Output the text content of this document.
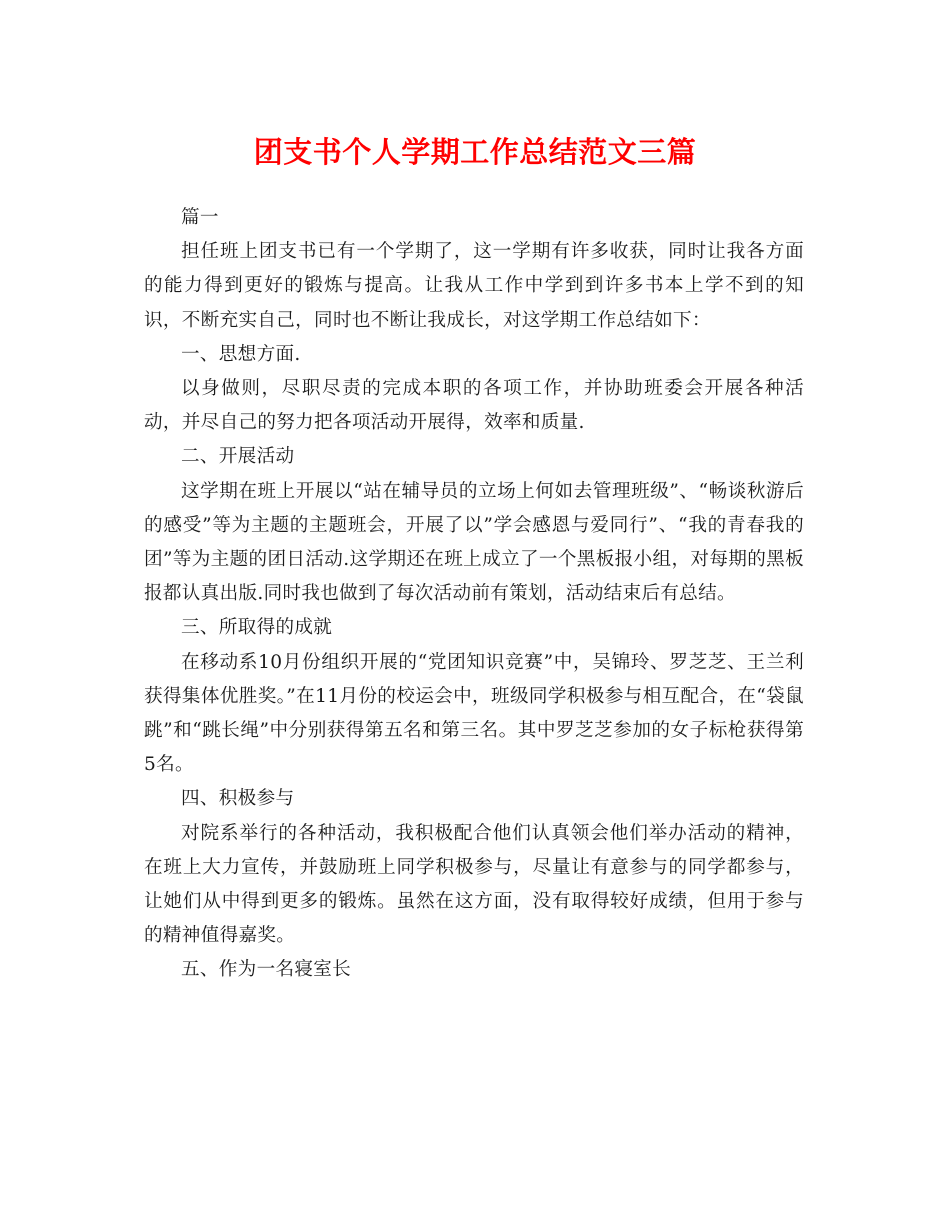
团支书个人学期工作总结范文三篇

篇一

担任班上团支书已有一个学期了，这一学期有许多收获，同时让我各方面的能力得到更好的锻炼与提高。让我从工作中学到到许多书本上学不到的知识，不断充实自己，同时也不断让我成长，对这学期工作总结如下：

一、思想方面.

以身做则，尽职尽责的完成本职的各项工作，并协助班委会开展各种活动，并尽自己的努力把各项活动开展得，效率和质量.

二、开展活动

这学期在班上开展以“站在辅导员的立场上何如去管理班级”、“畅谈秋游后的感受”等为主题的主题班会，开展了以”学会感恩与爱同行”、“我的青春我的团”等为主题的团日活动.这学期还在班上成立了一个黑板报小组，对每期的黑板报都认真出版.同时我也做到了每次活动前有策划，活动结束后有总结。

三、所取得的成就

在移动系10月份组织开展的“党团知识竞赛”中，吴锦玲、罗芝芝、王兰利获得集体优胜奖。”在11月份的校运会中，班级同学积极参与相互配合，在“袋鼠跳”和“跳长绳”中分别获得第五名和第三名。其中罗芝芝参加的女子标枪获得第5名。

四、积极参与

对院系举行的各种活动，我积极配合他们认真领会他们举办活动的精神，在班上大力宣传，并鼓励班上同学积极参与，尽量让有意参与的同学都参与，让她们从中得到更多的锻炼。虽然在这方面，没有取得较好成绩，但用于参与的精神值得嘉奖。

五、作为一名寝室长
